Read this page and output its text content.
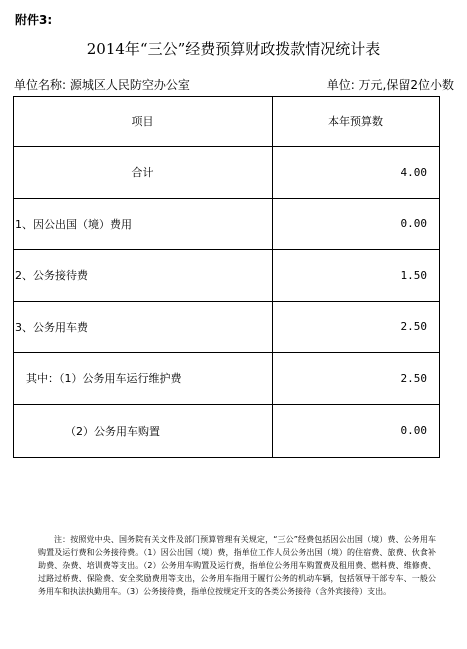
附件3:
2014年“三公”经费预算财政拨款情况统计表
单位名称: 源城区人民防空办公室	单位: 万元,保留2位小数
项目	本年预算数
合计	4.00
1、因公出国（境）费用	0.00
2、公务接待费	1.50
3、公务用车费	2.50
其中：（1）公务用车运行维护费	2.50
（2）公务用车购置	0.00
注：按照党中央、国务院有关文件及部门预算管理有关规定，“三公”经费包括因公出国（境）费、公务用车购置及运行费和公务接待费。（1）因公出国（境）费，指单位工作人员公务出国（境）的住宿费、旅费、伙食补助费、杂费、培训费等支出。（2）公务用车购置及运行费，指单位公务用车购置费及租用费、燃料费、维修费、过路过桥费、保险费、安全奖励费用等支出，公务用车指用于履行公务的机动车辆，包括领导干部专车、一般公务用车和执法执勤用车。（3）公务接待费，指单位按规定开支的各类公务接待（含外宾接待）支出。
